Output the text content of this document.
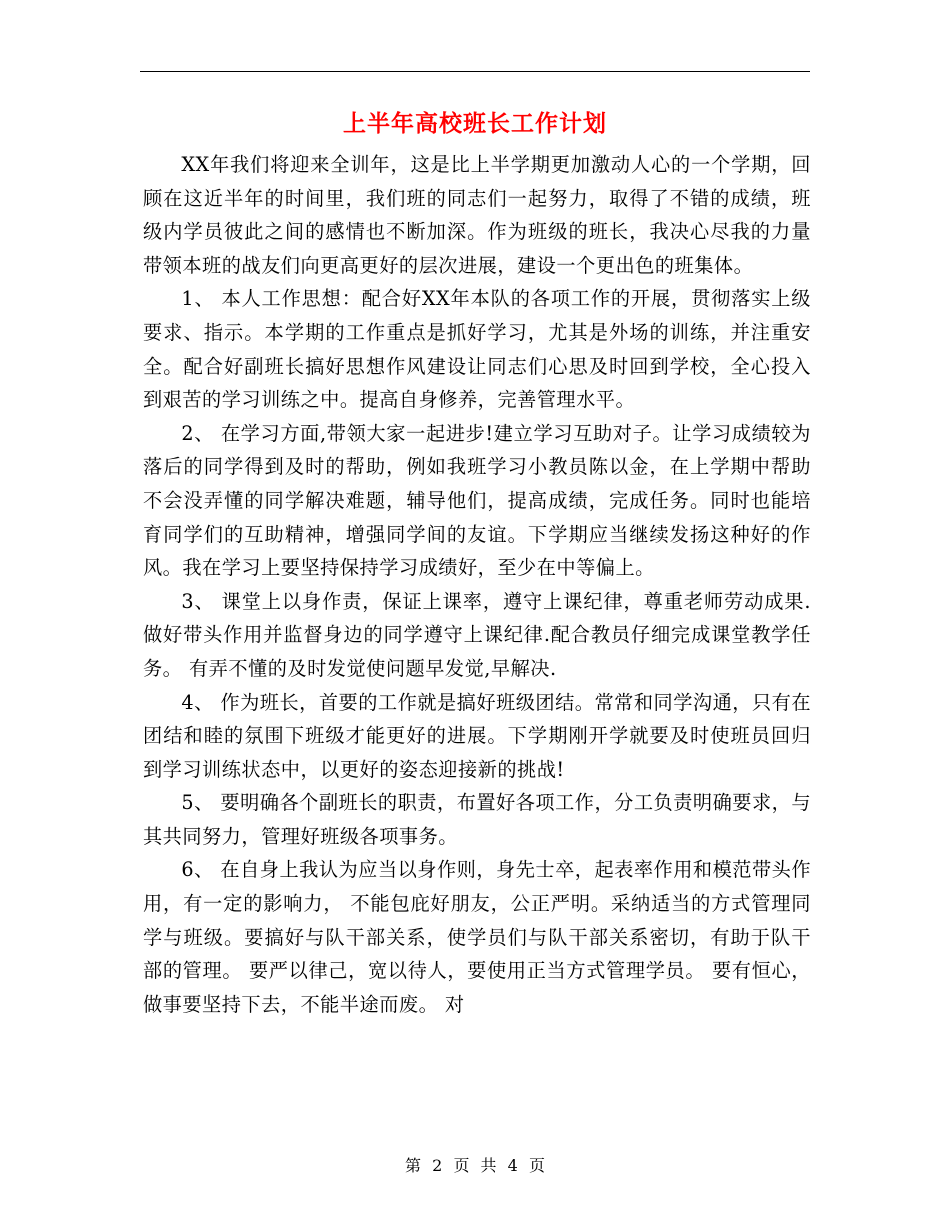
上半年高校班长工作计划

XX年我们将迎来全训年，这是比上半学期更加激动人心的一个学期，回顾在这近半年的时间里，我们班的同志们一起努力，取得了不错的成绩，班级内学员彼此之间的感情也不断加深。作为班级的班长，我决心尽我的力量带领本班的战友们向更高更好的层次进展，建设一个更出色的班集体。

1、 本人工作思想：配合好XX年本队的各项工作的开展，贯彻落实上级要求、指示。本学期的工作重点是抓好学习，尤其是外场的训练，并注重安全。配合好副班长搞好思想作风建设让同志们心思及时回到学校，全心投入到艰苦的学习训练之中。提高自身修养，完善管理水平。

2、 在学习方面,带领大家一起进步!建立学习互助对子。让学习成绩较为落后的同学得到及时的帮助，例如我班学习小教员陈以金，在上学期中帮助不会没弄懂的同学解决难题，辅导他们，提高成绩，完成任务。同时也能培育同学们的互助精神，增强同学间的友谊。下学期应当继续发扬这种好的作风。我在学习上要坚持保持学习成绩好，至少在中等偏上。

3、 课堂上以身作责，保证上课率，遵守上课纪律，尊重老师劳动成果.做好带头作用并监督身边的同学遵守上课纪律.配合教员仔细完成课堂教学任务。 有弄不懂的及时发觉使问题早发觉,早解决.

4、 作为班长，首要的工作就是搞好班级团结。常常和同学沟通，只有在团结和睦的氛围下班级才能更好的进展。下学期刚开学就要及时使班员回归到学习训练状态中，以更好的姿态迎接新的挑战!

5、 要明确各个副班长的职责，布置好各项工作，分工负责明确要求，与其共同努力，管理好班级各项事务。

6、 在自身上我认为应当以身作则，身先士卒，起表率作用和模范带头作用，有一定的影响力， 不能包庇好朋友，公正严明。采纳适当的方式管理同学与班级。要搞好与队干部关系，使学员们与队干部关系密切，有助于队干部的管理。 要严以律己，宽以待人，要使用正当方式管理学员。 要有恒心，做事要坚持下去，不能半途而废。 对

第 2 页 共 4 页
